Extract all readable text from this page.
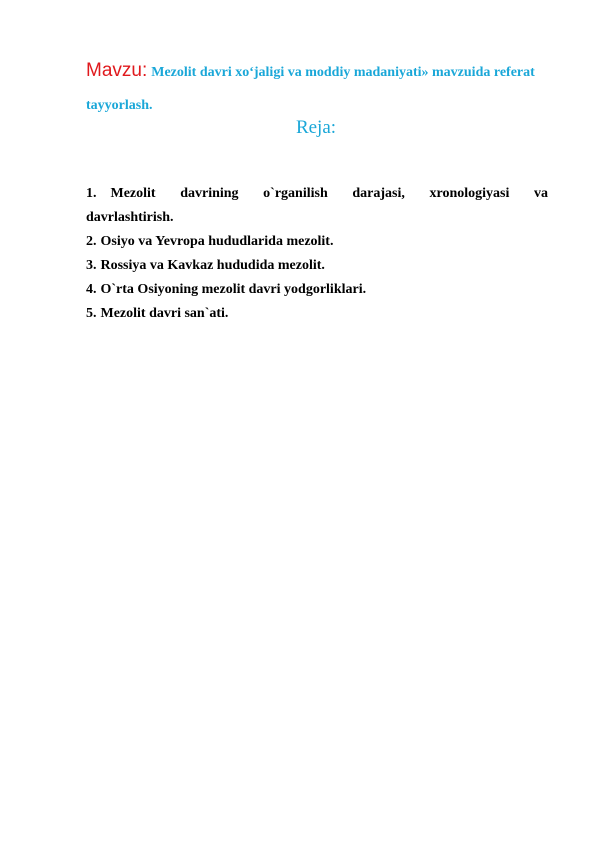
Mavzu: Mezolit davri xo‘jaligi va moddiy madaniyati» mavzuida referat tayyorlash.

Reja:
1. Mezolit davrining o`rganilish darajasi, xronologiyasi va
davrlashtirish.
2. Osiyo va Yevropa hududlarida mezolit.
3. Rossiya va Kavkaz hududida mezolit.
4. O`rta Osiyoning mezolit davri yodgorliklari.
5. Mezolit davri san`ati.
